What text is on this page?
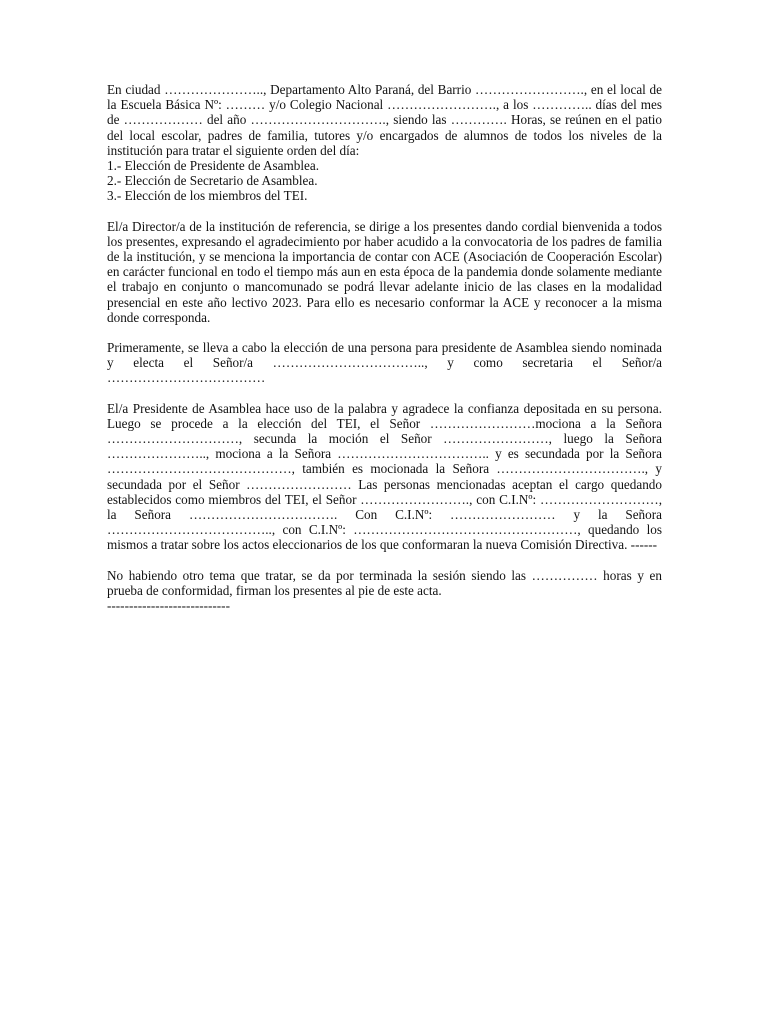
En ciudad ………………….., Departamento Alto Paraná, del Barrio ……………………., en el local de la Escuela Básica Nº: ……… y/o Colegio Nacional ……………………., a los ………….. días del mes de ……………… del año …………………………., siendo las …………. Horas, se reúnen en el patio del local escolar, padres de familia, tutores y/o encargados de alumnos de todos los niveles de la institución para tratar el siguiente orden del día:

1.- Elección de Presidente de Asamblea.
2.- Elección de Secretario de Asamblea.
3.- Elección de los miembros del TEI.

El/a Director/a de la institución de referencia, se dirige a los presentes dando cordial bienvenida a todos los presentes, expresando el agradecimiento por haber acudido a la convocatoria de los padres de familia de la institución, y se menciona la importancia de contar con ACE (Asociación de Cooperación Escolar) en carácter funcional en todo el tiempo más aun en esta época de la pandemia donde solamente mediante el trabajo en conjunto o mancomunado se podrá llevar adelante inicio de las clases en la modalidad presencial en este año lectivo 2023. Para ello es necesario conformar la ACE y reconocer a la misma donde corresponda.

Primeramente, se lleva a cabo la elección de una persona para presidente de Asamblea siendo nominada y electa el Señor/a …………………………….., y como secretaria el Señor/a ………………………………

El/a Presidente de Asamblea hace uso de la palabra y agradece la confianza depositada en su persona. Luego se procede a la elección del TEI, el Señor ……………………mociona a la Señora …………………………, secunda la moción el Señor ……………………, luego la Señora ………………….., mociona a la Señora …………………………….. y es secundada por la Señora ……………………………………, también es mocionada la Señora ……………………………., y secundada por el Señor …………………… Las personas mencionadas aceptan el cargo quedando establecidos como miembros del TEI, el Señor ……………………., con C.I.Nº: ………………………, la Señora ……………………………. Con C.I.Nº: …………………… y la Señora ……………………………….., con C.I.Nº: ……………………………………………, quedando los mismos a tratar sobre los actos eleccionarios de los que conformaran la nueva Comisión Directiva. ------

No habiendo otro tema que tratar, se da por terminada la sesión siendo las …………… horas y en prueba de conformidad, firman los presentes al pie de este acta.

----------------------------
